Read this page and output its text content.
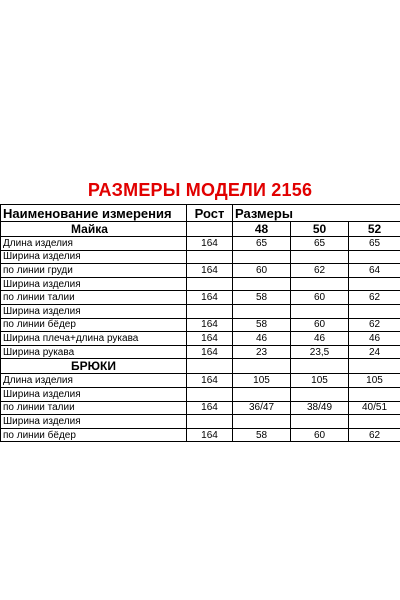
РАЗМЕРЫ МОДЕЛИ 2156
Наименование измерения	Рост	Размеры		
Майка		48	50	52
Длина изделия	164	65	65	65
Ширина изделия				
по линии груди	164	60	62	64
Ширина изделия				
по линии талии	164	58	60	62
Ширина изделия				
по линии бёдер	164	58	60	62
Ширина плеча+длина рукава	164	46	46	46
Ширина рукава	164	23	23,5	24
БРЮКИ				
Длина изделия	164	105	105	105
Ширина изделия				
по линии талии	164	36/47	38/49	40/51
Ширина изделия				
по линии бёдер	164	58	60	62
